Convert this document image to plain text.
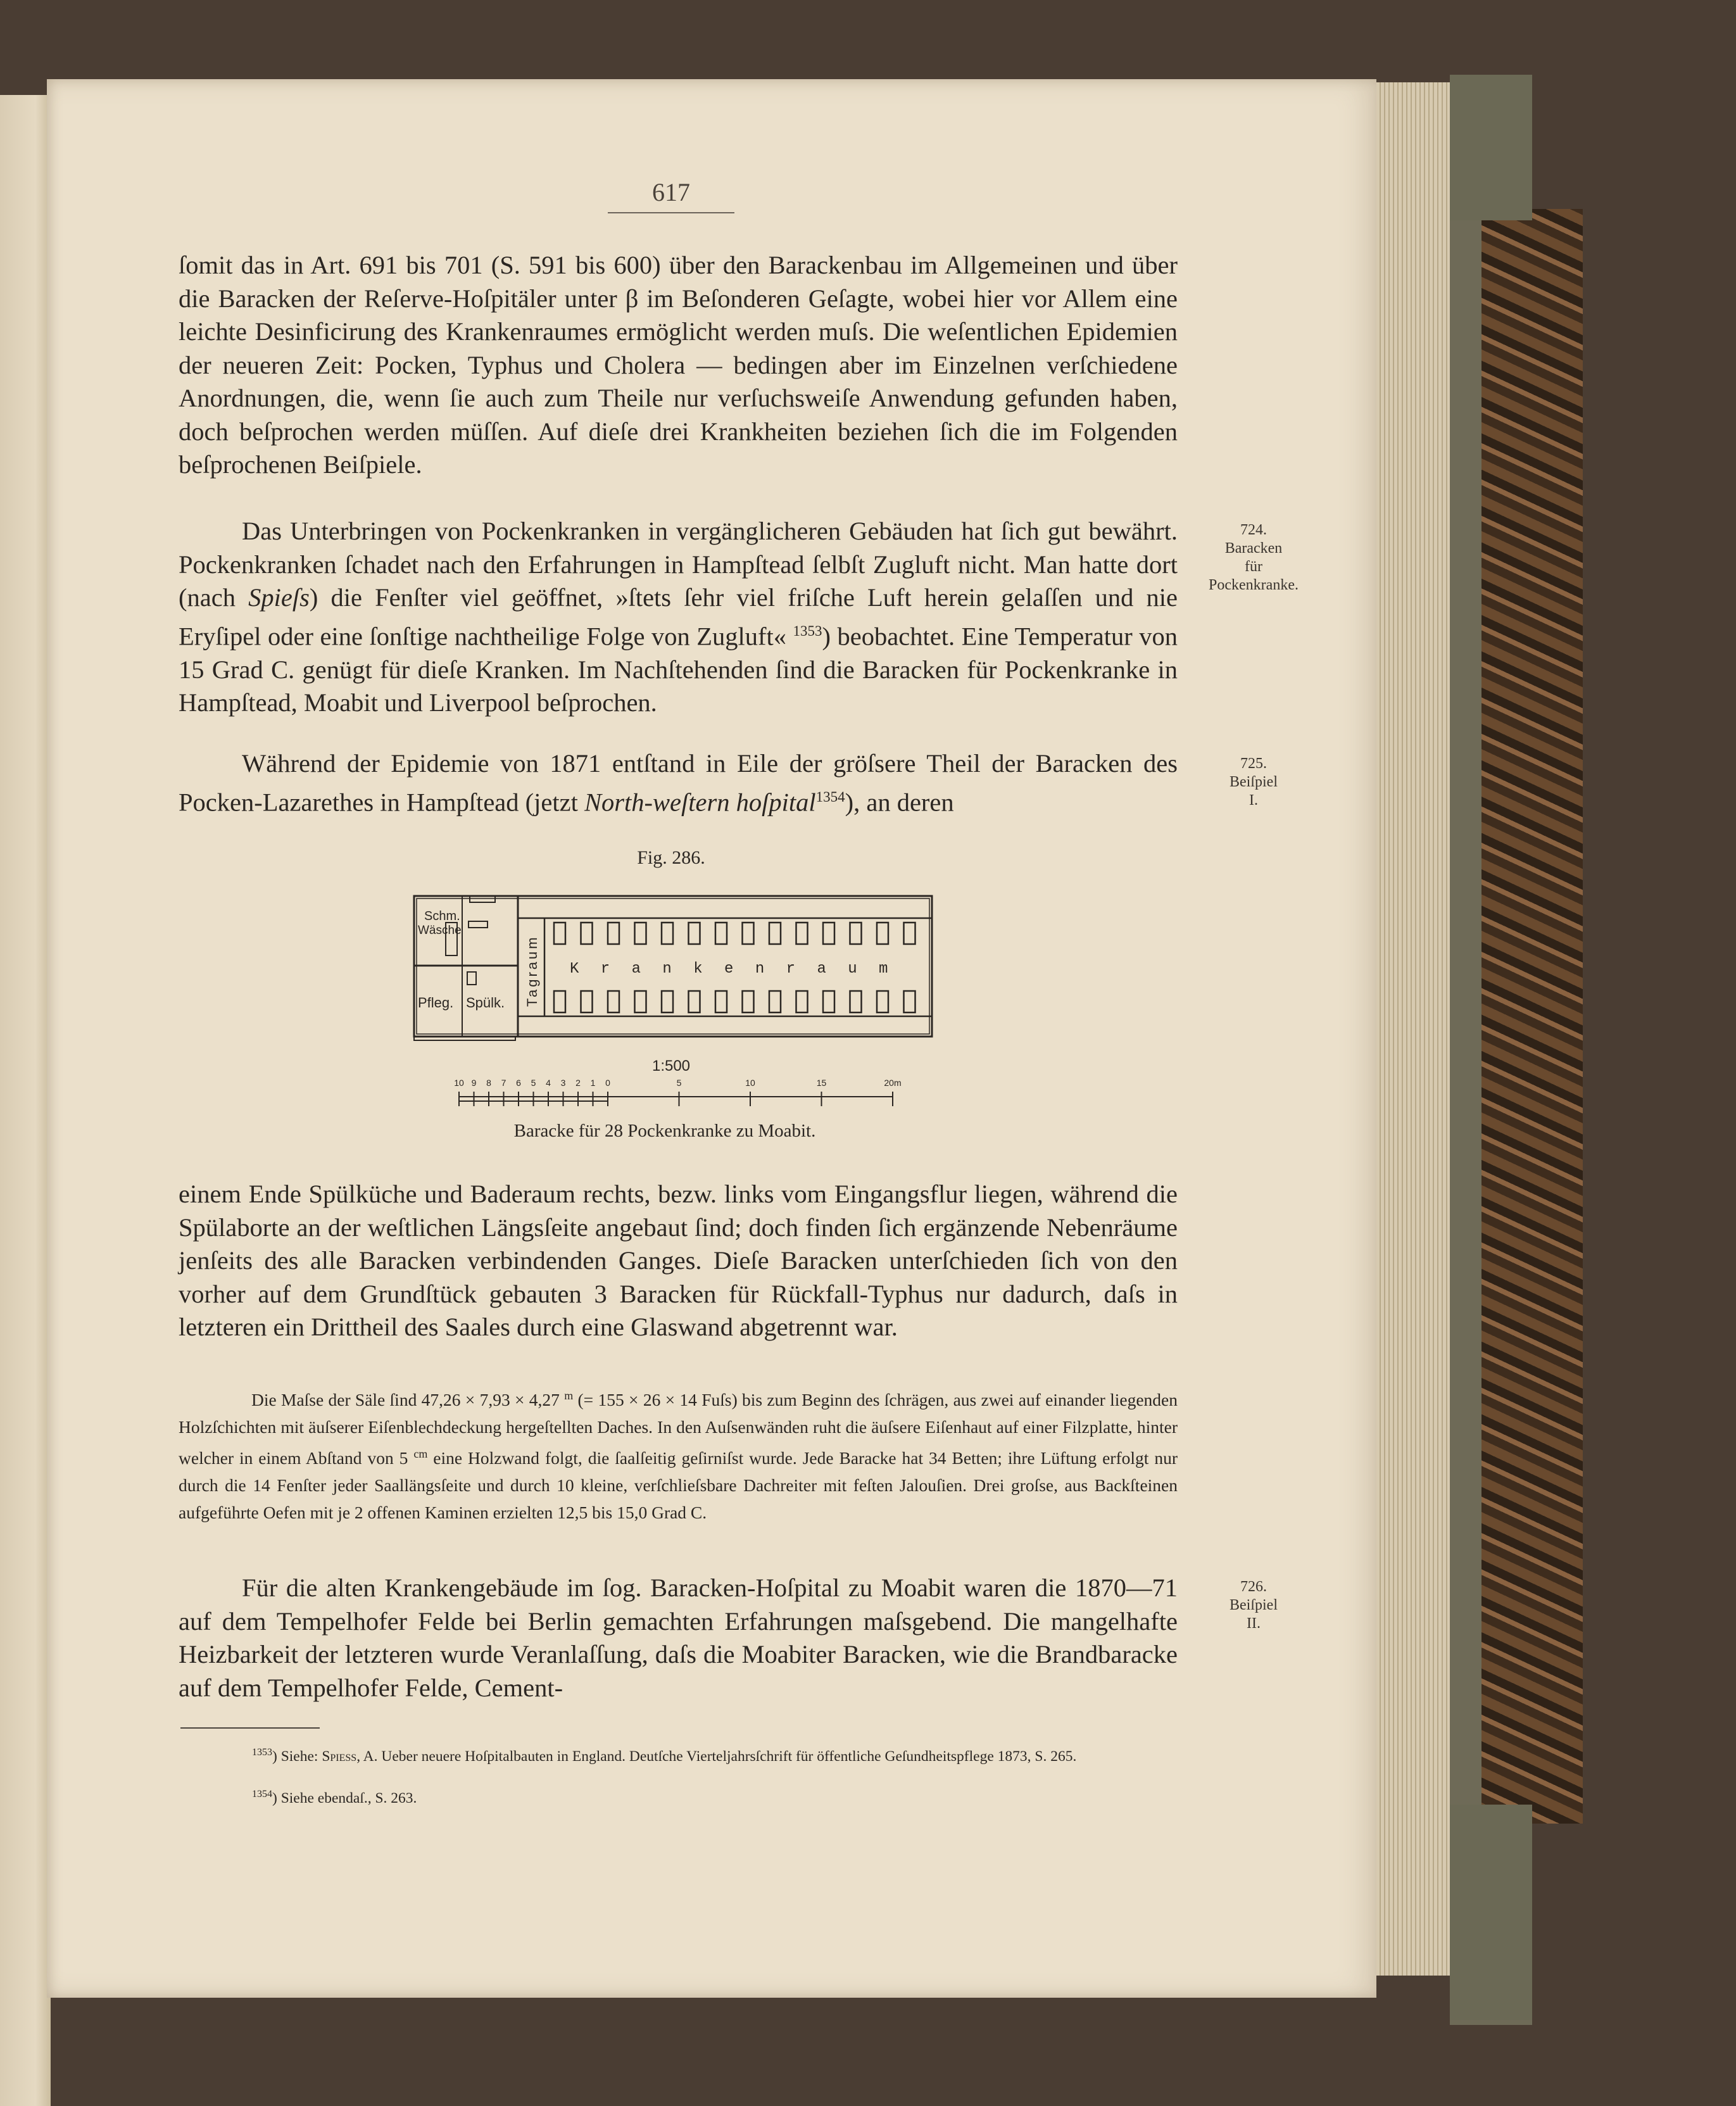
617

ſomit das in Art. 691 bis 701 (S. 591 bis 600) über den Barackenbau im Allgemeinen und über die Baracken der Reſerve-Hoſpitäler unter β im Beſonderen Geſagte, wobei hier vor Allem eine leichte Desinficirung des Krankenraumes ermöglicht werden muſs. Die weſentlichen Epidemien der neueren Zeit: Pocken, Typhus und Cholera — bedingen aber im Einzelnen verſchiedene Anordnungen, die, wenn ſie auch zum Theile nur verſuchsweiſe Anwendung gefunden haben, doch beſprochen werden müſſen. Auf dieſe drei Krankheiten beziehen ſich die im Folgenden beſprochenen Beiſpiele.

Das Unterbringen von Pockenkranken in vergänglicheren Gebäuden hat ſich gut bewährt. Pockenkranken ſchadet nach den Erfahrungen in Hampſtead ſelbſt Zugluft nicht. Man hatte dort (nach Spieſs) die Fenſter viel geöffnet, »ſtets ſehr viel friſche Luft herein gelaſſen und nie Eryſipel oder eine ſonſtige nachtheilige Folge von Zugluft« $^{1353}$) beobachtet. Eine Temperatur von 15 Grad C. genügt für dieſe Kranken. Im Nachſtehenden ſind die Baracken für Pockenkranke in Hampſtead, Moabit und Liverpool beſprochen.

Während der Epidemie von 1871 entſtand in Eile der gröſsere Theil der Baracken des Pocken-Lazarethes in Hampſtead (jetzt North-weſtern hoſpital$^{1354}$), an deren

724.
Baracken
für
Pockenkranke.
725.
Beiſpiel
I.
Fig. 286.
Schm.
Wäsche
Pfleg. Spülk. Tagraum K r a n k e n r a u m
1:500
10 9 8 7 6 5 4 3 2 1 0	5	10	15	20m
Baracke für 28 Pockenkranke zu Moabit.

einem Ende Spülküche und Baderaum rechts, bezw. links vom Eingangsflur liegen, während die Spülaborte an der weſtlichen Längsſeite angebaut ſind; doch finden ſich ergänzende Nebenräume jenſeits des alle Baracken verbindenden Ganges. Dieſe Baracken unterſchieden ſich von den vorher auf dem Grundſtück gebauten 3 Baracken für Rückfall-Typhus nur dadurch, daſs in letzteren ein Drittheil des Saales durch eine Glaswand abgetrennt war.

Die Maſse der Säle ſind 47,26 × 7,93 × 4,27 $^m$ (= 155 × 26 × 14 Fuſs) bis zum Beginn des ſchrägen, aus zwei auf einander liegenden Holzſchichten mit äuſserer Eiſenblechdeckung hergeſtellten Daches. In den Auſsenwänden ruht die äuſsere Eiſenhaut auf einer Filzplatte, hinter welcher in einem Abſtand von 5 $^{cm}$ eine Holzwand folgt, die ſaalſeitig geſirniſst wurde. Jede Baracke hat 34 Betten; ihre Lüftung erfolgt nur durch die 14 Fenſter jeder Saallängsſeite und durch 10 kleine, verſchlieſsbare Dachreiter mit feſten Jalouſien. Drei groſse, aus Backſteinen aufgeführte Oefen mit je 2 offenen Kaminen erzielten 12,5 bis 15,0 Grad C.

Für die alten Krankengebäude im ſog. Baracken-Hoſpital zu Moabit waren die 1870—71 auf dem Tempelhofer Felde bei Berlin gemachten Erfahrungen maſsgebend. Die mangelhafte Heizbarkeit der letzteren wurde Veranlaſſung, daſs die Moabiter Baracken, wie die Brandbaracke auf dem Tempelhofer Felde, Cement-

726.
Beiſpiel
II.

$^{1353}$) Siehe: Spiess, A. Ueber neuere Hoſpitalbauten in England. Deutſche Vierteljahrsſchrift für öffentliche Geſundheitspflege 1873, S. 265.

$^{1354}$) Siehe ebendaſ., S. 263.
